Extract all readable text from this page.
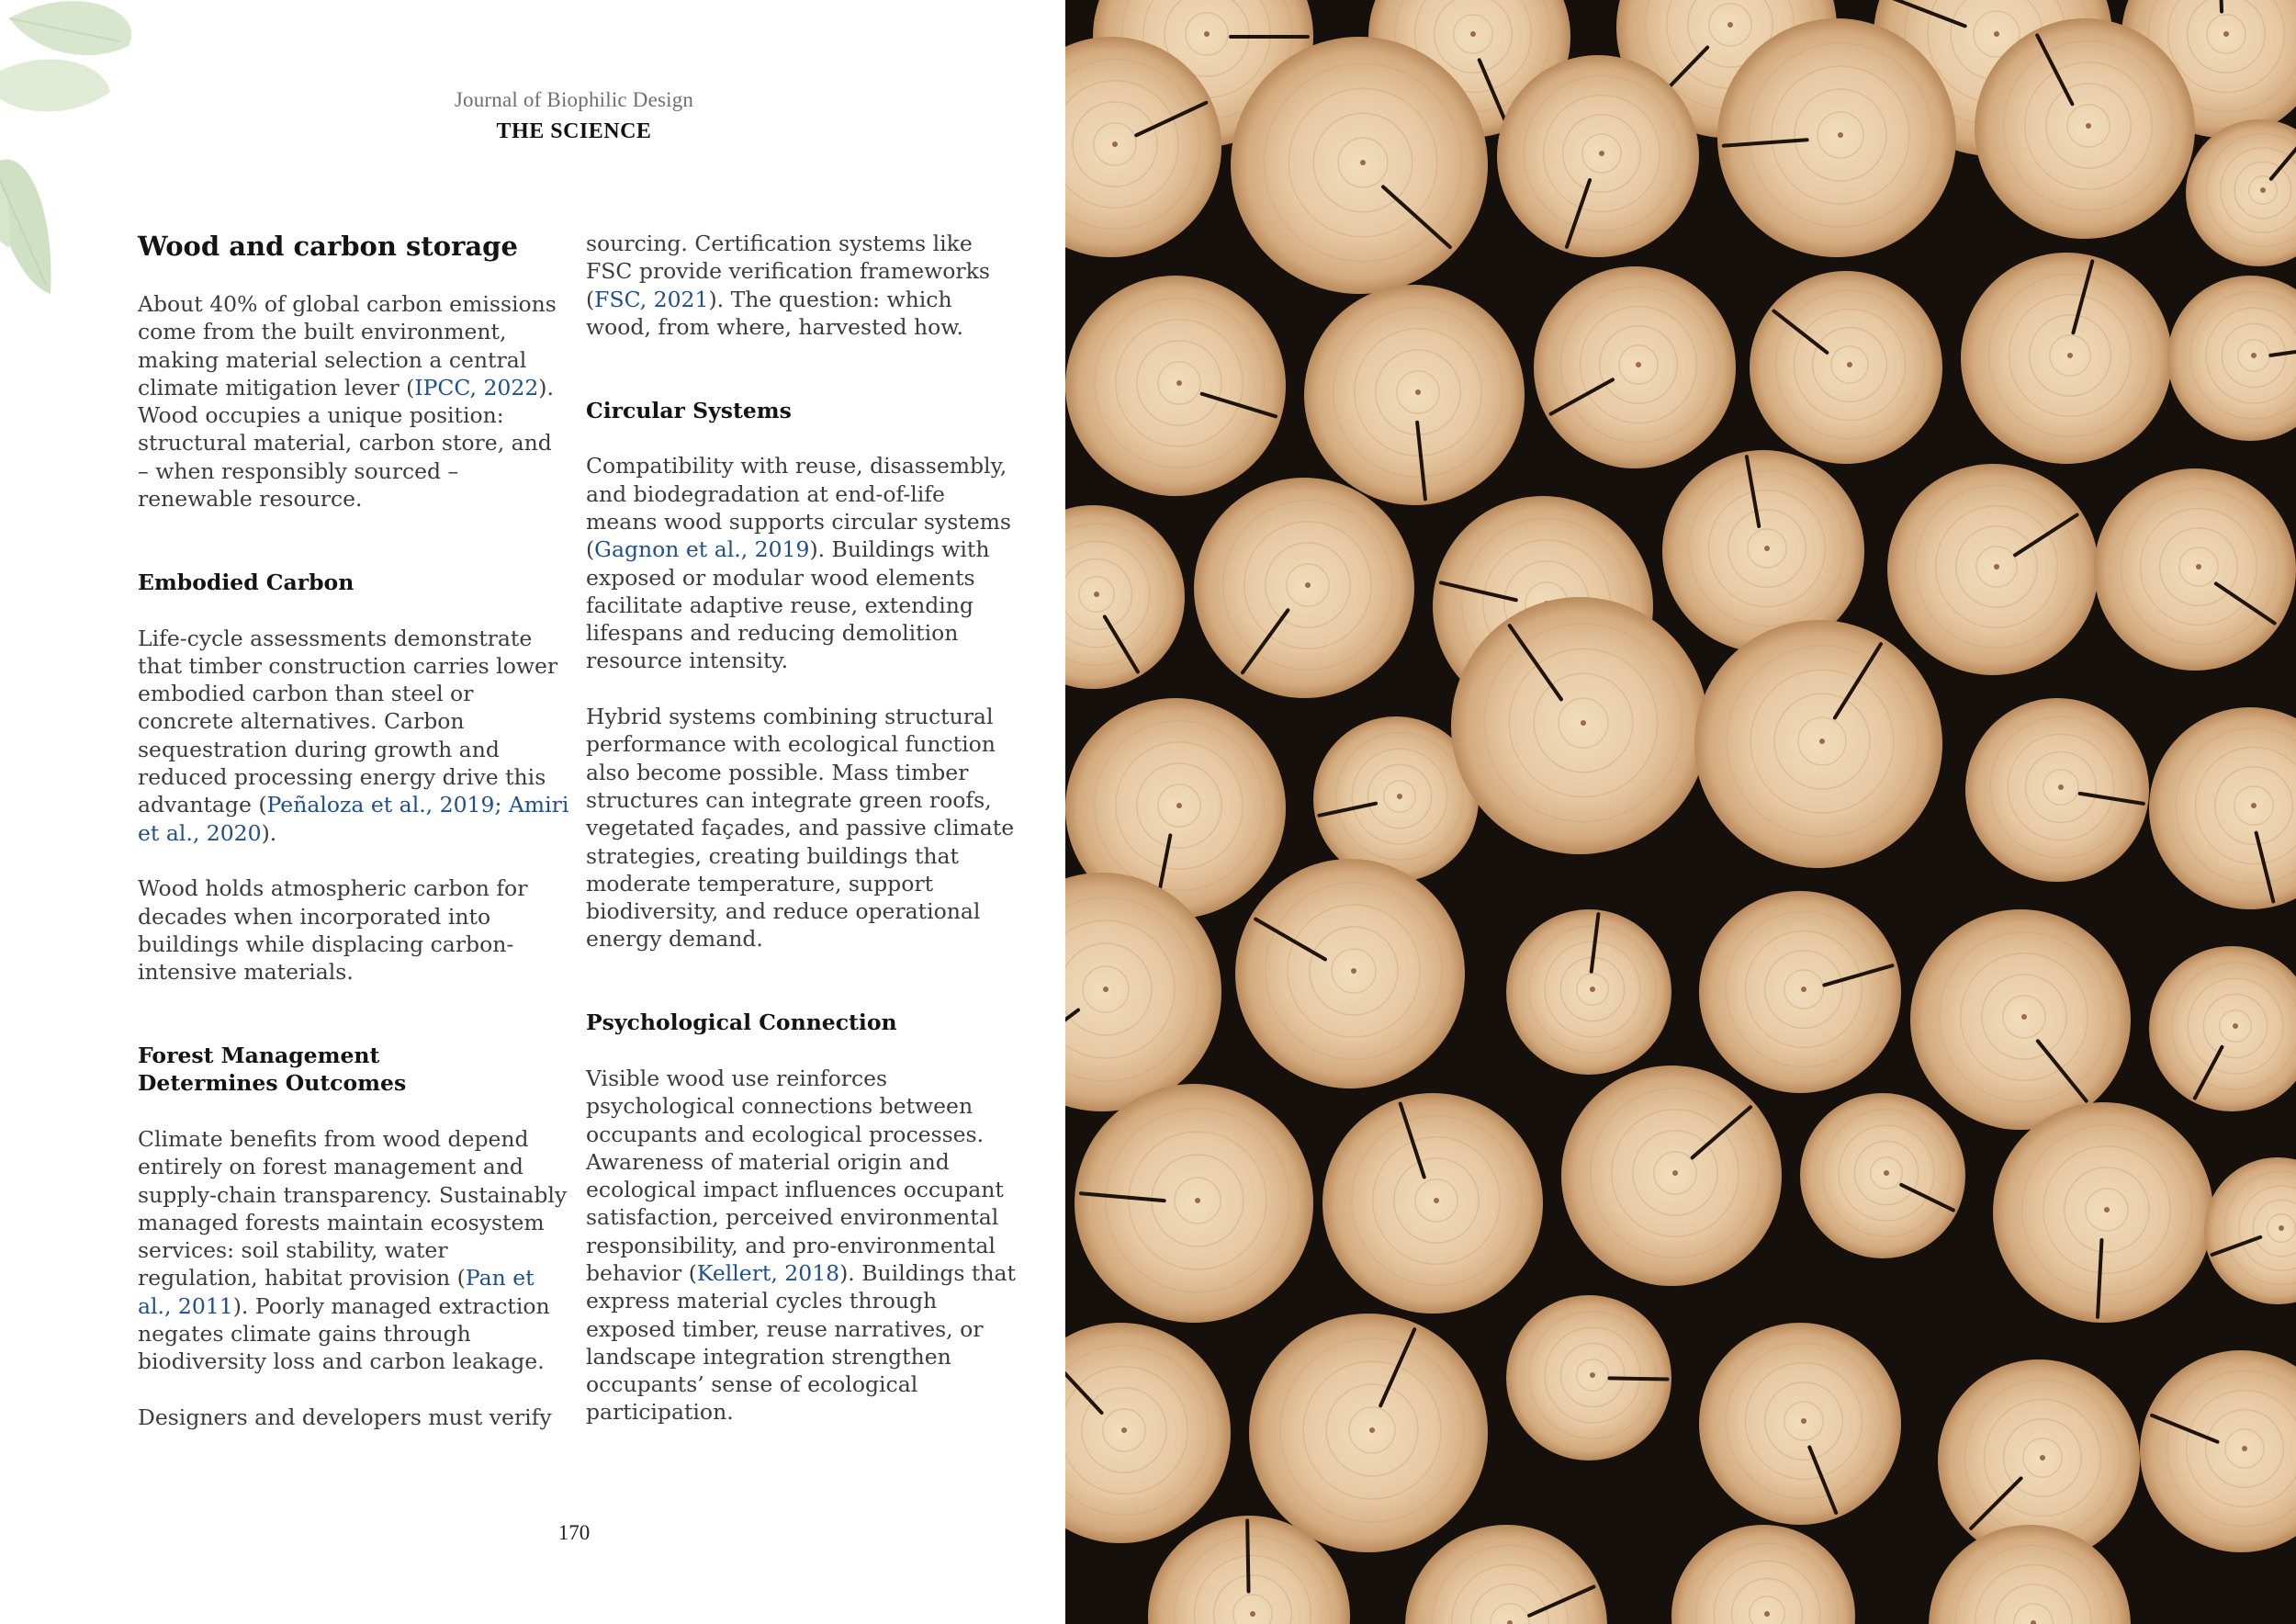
Journal of Biophilic Design
THE SCIENCE
Wood and carbon storage

About 40% of global carbon emissions come from the built environment, making material selection a central climate mitigation lever (IPCC, 2022). Wood occupies a unique position: structural material, carbon store, and – when responsibly sourced – renewable resource.

Embodied Carbon

Life-cycle assessments demonstrate that timber construction carries lower embodied carbon than steel or concrete alternatives. Carbon sequestration during growth and reduced processing energy drive this advantage (Peñaloza et al., 2019; Amiri et al., 2020).

Wood holds atmospheric carbon for decades when incorporated into buildings while displacing carbon-intensive materials.

Forest Management
Determines Outcomes

Climate benefits from wood depend entirely on forest management and supply-chain transparency. Sustainably managed forests maintain ecosystem services: soil stability, water regulation, habitat provision (Pan et al., 2011). Poorly managed extraction negates climate gains through biodiversity loss and carbon leakage.

Designers and developers must verify

sourcing. Certification systems like FSC provide verification frameworks (FSC, 2021). The question: which wood, from where, harvested how.

Circular Systems

Compatibility with reuse, disassembly, and biodegradation at end-of-life means wood supports circular systems (Gagnon et al., 2019). Buildings with exposed or modular wood elements facilitate adaptive reuse, extending lifespans and reducing demolition resource intensity.

Hybrid systems combining structural performance with ecological function also become possible. Mass timber structures can integrate green roofs, vegetated façades, and passive climate strategies, creating buildings that moderate temperature, support biodiversity, and reduce operational energy demand.

Psychological Connection

Visible wood use reinforces psychological connections between occupants and ecological processes. Awareness of material origin and ecological impact influences occupant satisfaction, perceived environmental responsibility, and pro-environmental behavior (Kellert, 2018). Buildings that express material cycles through exposed timber, reuse narratives, or landscape integration strengthen occupants’ sense of ecological participation.

170
